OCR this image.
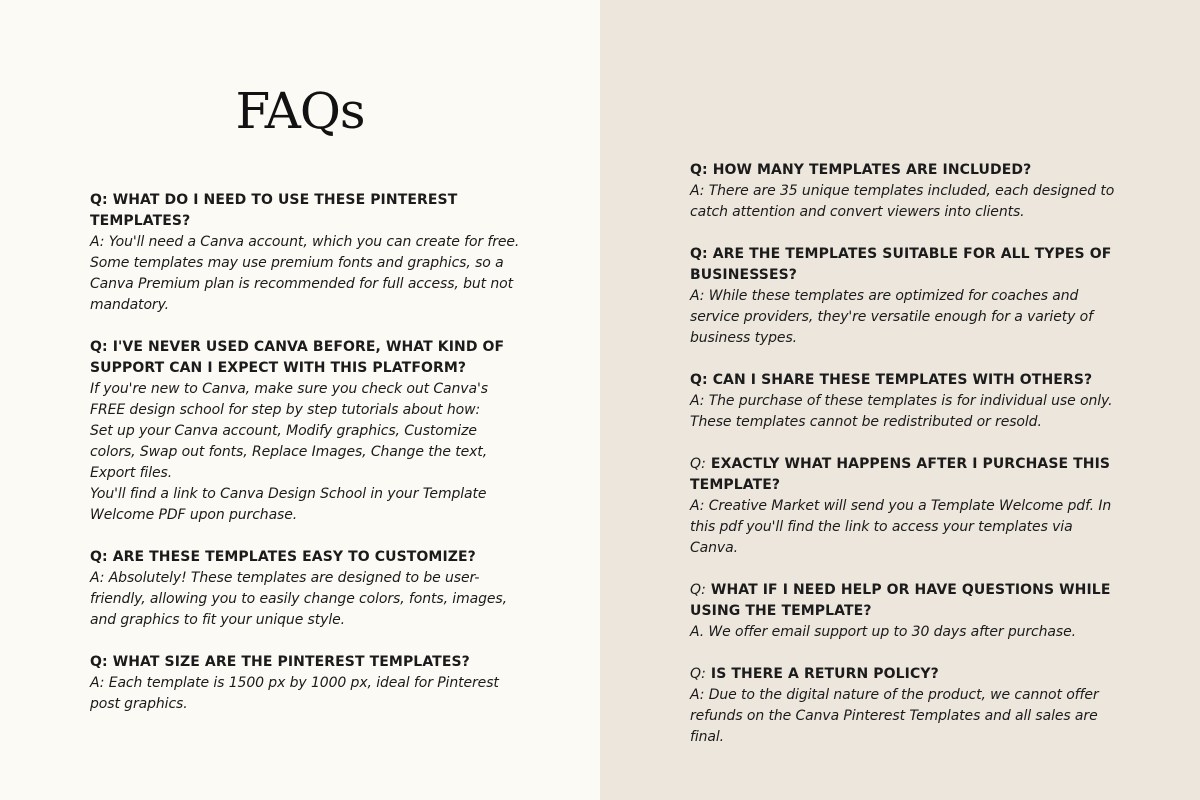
FAQs

Q: WHAT DO I NEED TO USE THESE PINTEREST TEMPLATES?

A: You'll need a Canva account, which you can create for free. Some templates may use premium fonts and graphics, so a Canva Premium plan is recommended for full access, but not mandatory.

Q: I'VE NEVER USED CANVA BEFORE, WHAT KIND OF SUPPORT CAN I EXPECT WITH THIS PLATFORM?

If you're new to Canva, make sure you check out Canva's FREE design school for step by step tutorials about how:
Set up your Canva account, Modify graphics, Customize colors, Swap out fonts, Replace Images, Change the text, Export files.
You'll find a link to Canva Design School in your Template Welcome PDF upon purchase.

Q: ARE THESE TEMPLATES EASY TO CUSTOMIZE?

A: Absolutely! These templates are designed to be user-friendly, allowing you to easily change colors, fonts, images, and graphics to fit your unique style.

Q: WHAT SIZE ARE THE PINTEREST TEMPLATES?

A: Each template is 1500 px by 1000 px, ideal for Pinterest post graphics.

Q: HOW MANY TEMPLATES ARE INCLUDED?

A: There are 35 unique templates included, each designed to catch attention and convert viewers into clients.

Q: ARE THE TEMPLATES SUITABLE FOR ALL TYPES OF BUSINESSES?

A: While these templates are optimized for coaches and service providers, they're versatile enough for a variety of business types.

Q: CAN I SHARE THESE TEMPLATES WITH OTHERS?

A: The purchase of these templates is for individual use only. These templates cannot be redistributed or resold.

Q: EXACTLY WHAT HAPPENS AFTER I PURCHASE THIS TEMPLATE?

A: Creative Market will send you a Template Welcome pdf. In this pdf you'll find the link to access your templates via Canva.

Q: WHAT IF I NEED HELP OR HAVE QUESTIONS WHILE USING THE TEMPLATE?

A. We offer email support up to 30 days after purchase.

Q: IS THERE A RETURN POLICY?

A: Due to the digital nature of the product, we cannot offer refunds on the Canva Pinterest Templates and all sales are final.
